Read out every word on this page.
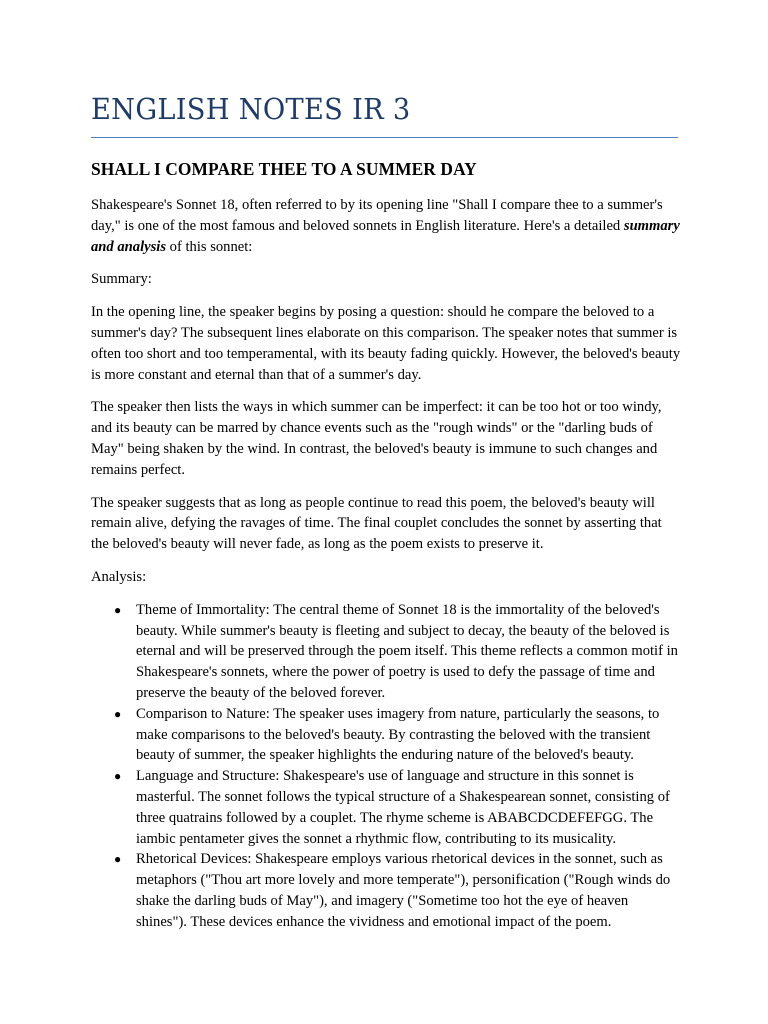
ENGLISH NOTES IR 3
SHALL I COMPARE THEE TO A SUMMER DAY

Shakespeare's Sonnet 18, often referred to by its opening line "Shall I compare thee to a summer's day," is one of the most famous and beloved sonnets in English literature. Here's a detailed summary and analysis of this sonnet:

Summary:

In the opening line, the speaker begins by posing a question: should he compare the beloved to a summer's day? The subsequent lines elaborate on this comparison. The speaker notes that summer is often too short and too temperamental, with its beauty fading quickly. However, the beloved's beauty is more constant and eternal than that of a summer's day.

The speaker then lists the ways in which summer can be imperfect: it can be too hot or too windy, and its beauty can be marred by chance events such as the "rough winds" or the "darling buds of May" being shaken by the wind. In contrast, the beloved's beauty is immune to such changes and remains perfect.

The speaker suggests that as long as people continue to read this poem, the beloved's beauty will remain alive, defying the ravages of time. The final couplet concludes the sonnet by asserting that the beloved's beauty will never fade, as long as the poem exists to preserve it.

Analysis:

● Theme of Immortality: The central theme of Sonnet 18 is the immortality of the beloved's beauty. While summer's beauty is fleeting and subject to decay, the beauty of the beloved is eternal and will be preserved through the poem itself. This theme reflects a common motif in Shakespeare's sonnets, where the power of poetry is used to defy the passage of time and preserve the beauty of the beloved forever.
● Comparison to Nature: The speaker uses imagery from nature, particularly the seasons, to make comparisons to the beloved's beauty. By contrasting the beloved with the transient beauty of summer, the speaker highlights the enduring nature of the beloved's beauty.
● Language and Structure: Shakespeare's use of language and structure in this sonnet is masterful. The sonnet follows the typical structure of a Shakespearean sonnet, consisting of three quatrains followed by a couplet. The rhyme scheme is ABABCDCDEFEFGG. The iambic pentameter gives the sonnet a rhythmic flow, contributing to its musicality.
● Rhetorical Devices: Shakespeare employs various rhetorical devices in the sonnet, such as metaphors ("Thou art more lovely and more temperate"), personification ("Rough winds do shake the darling buds of May"), and imagery ("Sometime too hot the eye of heaven shines"). These devices enhance the vividness and emotional impact of the poem.
